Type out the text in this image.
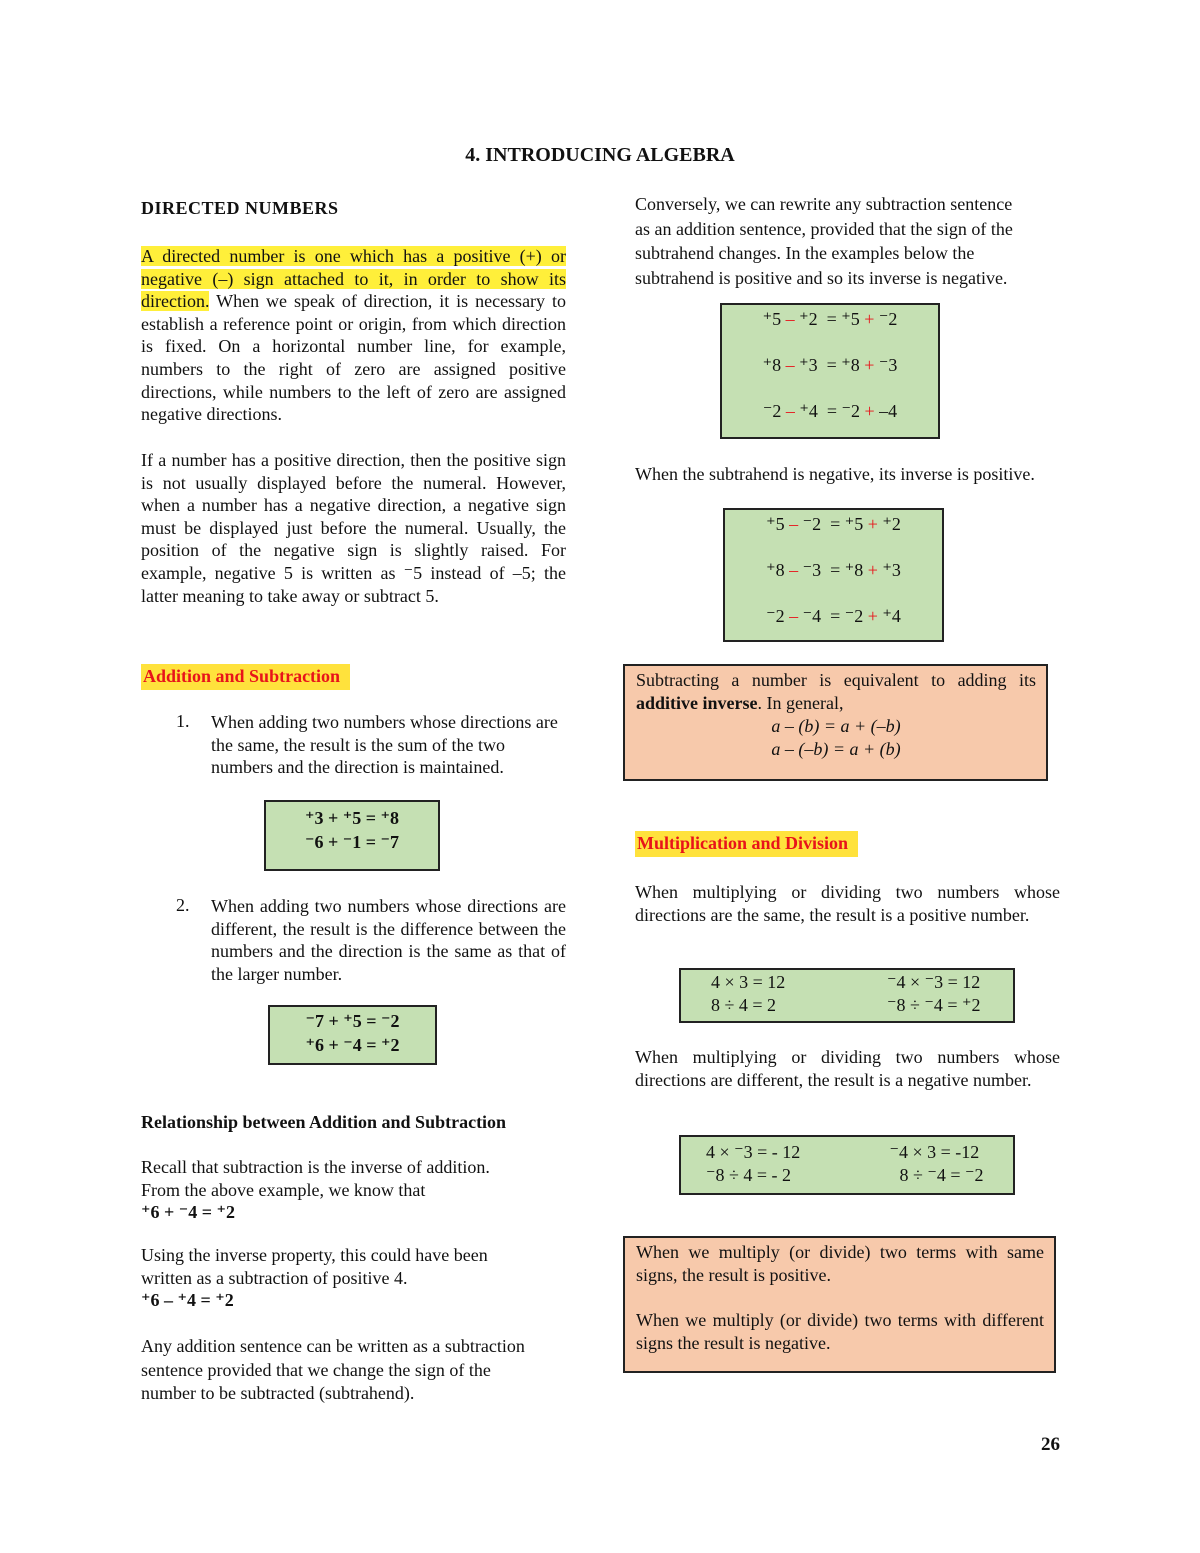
4. INTRODUCING ALGEBRA
DIRECTED NUMBERS

A directed number is one which has a positive (+) or negative (–) sign attached to it, in order to show its direction. When we speak of direction, it is necessary to establish a reference point or origin, from which direction is fixed. On a horizontal number line, for example, numbers to the right of zero are assigned positive directions, while numbers to the left of zero are assigned negative directions.

If a number has a positive direction, then the positive sign is not usually displayed before the numeral. However, when a number has a negative direction, a negative sign must be displayed just before the numeral. Usually, the position of the negative sign is slightly raised. For example, negative 5 is written as ⁻5 instead of –5; the latter meaning to take away or subtract 5.

Addition and Subtraction
1.	When adding two numbers whose directions are the same, the result is the sum of the two numbers and the direction is maintained.

⁺3 + ⁺5 = ⁺8
⁻6 + ⁻1 = ⁻7
2.	When adding two numbers whose directions are different, the result is the difference between the numbers and the direction is the same as that of the larger number.

⁻7 + ⁺5 = ⁻2
⁺6 + ⁻4 = ⁺2
Relationship between Addition and Subtraction
Recall that subtraction is the inverse of addition.
From the above example, we know that
⁺6 + ⁻4 = ⁺2
Using the inverse property, this could have been
written as a subtraction of positive 4.
⁺6 – ⁺4 = ⁺2
Any addition sentence can be written as a subtraction
sentence provided that we change the sign of the
number to be subtracted (subtrahend).
Conversely, we can rewrite any subtraction sentence
as an addition sentence, provided that the sign of the
subtrahend changes. In the examples below the
subtrahend is positive and so its inverse is negative.
⁺5 – ⁺2 = ⁺5 + ⁻2
⁺8 – ⁺3 = ⁺8 + ⁻3
⁻2 – ⁺4 = ⁻2 + –4

When the subtrahend is negative, its inverse is positive.

⁺5 – ⁻2 = ⁺5 + ⁺2
⁺8 – ⁻3 = ⁺8 + ⁺3
⁻2 – ⁻4 = ⁻2 + ⁺4

Subtracting a number is equivalent to adding its additive inverse. In general,

a – (b) = a + (–b)
a – (–b) = a + (b)
Multiplication and Division

When multiplying or dividing two numbers whose directions are the same, the result is a positive number.

4 × 3 = 12	⁻4 × ⁻3 = 12
8 ÷ 4 = 2	⁻8 ÷ ⁻4 = ⁺2

When multiplying or dividing two numbers whose directions are different, the result is a negative number.

4 × ⁻3 = - 12	⁻4 × 3 = -12
⁻8 ÷ 4 = - 2	8 ÷ ⁻4 = ⁻2

When we multiply (or divide) two terms with same signs, the result is positive.

When we multiply (or divide) two terms with different signs the result is negative.

26
